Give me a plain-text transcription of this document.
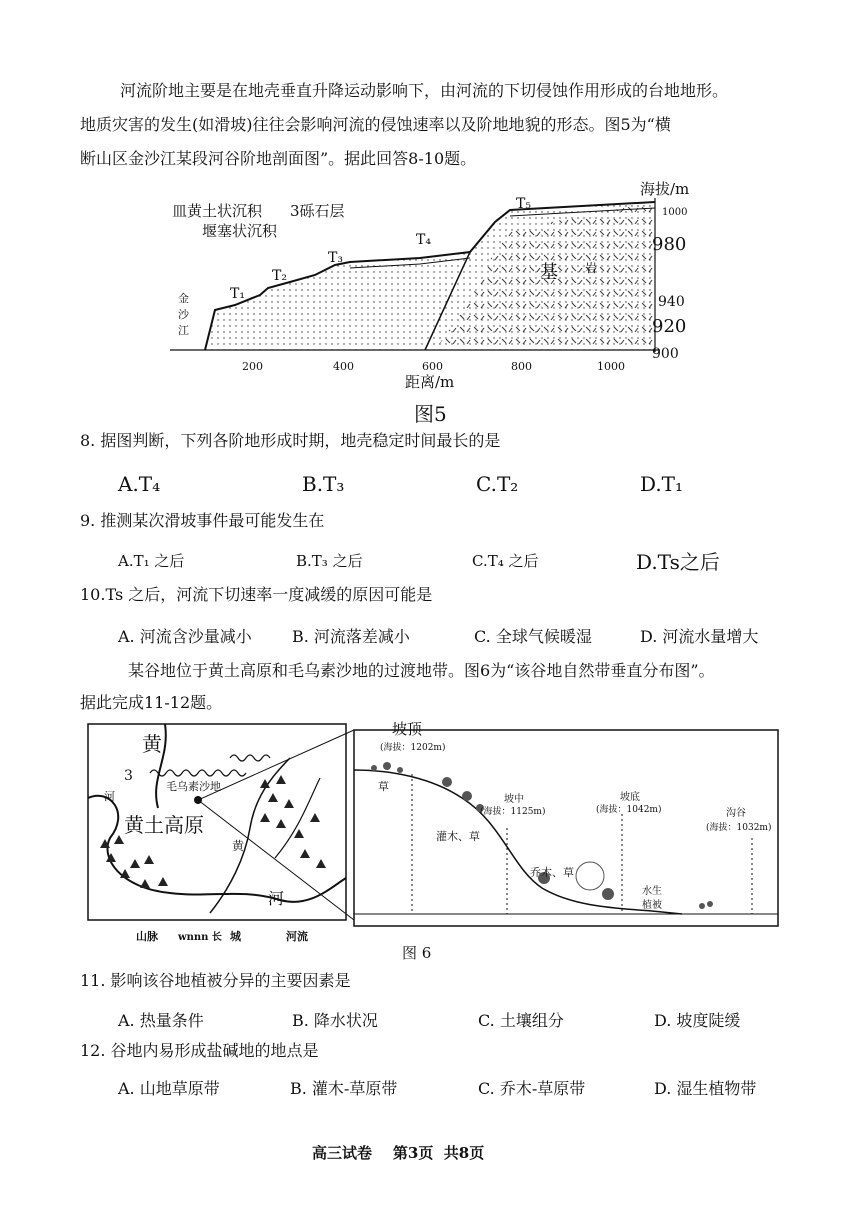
河流阶地主要是在地壳垂直升降运动影响下，由河流的下切侵蚀作用形成的台地地形。
地质灾害的发生(如滑坡)往往会影响河流的侵蚀速率以及阶地地貌的形态。图5为“横
断山区金沙江某段河谷阶地剖面图”。据此回答8-10题。
200	400	600	800	1000
距离/m
海拔/m
1000
980
940
920
900
皿黄土状沉积 3砾石层
堰塞状沉积
T₁
T₂
T₃
T₄
T₅
金
沙
江
基 岩
图5
8. 据图判断，下列各阶地形成时期，地壳稳定时间最长的是
A.T₄	B.T₃	C.T₂	D.T₁
9. 推测某次滑坡事件最可能发生在
A.T₁ 之后	B.T₃ 之后	C.T₄ 之后	D.Ts之后
10.Ts 之后，河流下切速率一度减缓的原因可能是
A. 河流含沙量减小	B. 河流落差减小	C. 全球气候暖湿	D. 河流水量增大
某谷地位于黄土高原和毛乌素沙地的过渡地带。图6为“该谷地自然带垂直分布图”。
据此完成11-12题。
黄
3
毛乌素沙地
河
黄土高原
黄
河
山脉 wnnn 长 城	河流
坡顶
(海拔：1202m)
坡中
(海拔：1125m)
坡底
(海拔：1042m)	沟谷
(海拔：1032m)
草
灌木、草
乔木、草
水生
植被
图 6
11. 影响该谷地植被分异的主要因素是
A. 热量条件	B. 降水状况	C. 土壤组分	D. 坡度陡缓
12. 谷地内易形成盐碱地的地点是
A. 山地草原带	B. 灌木-草原带	C. 乔木-草原带	D. 湿生植物带
高三试卷    第3页  共8页
